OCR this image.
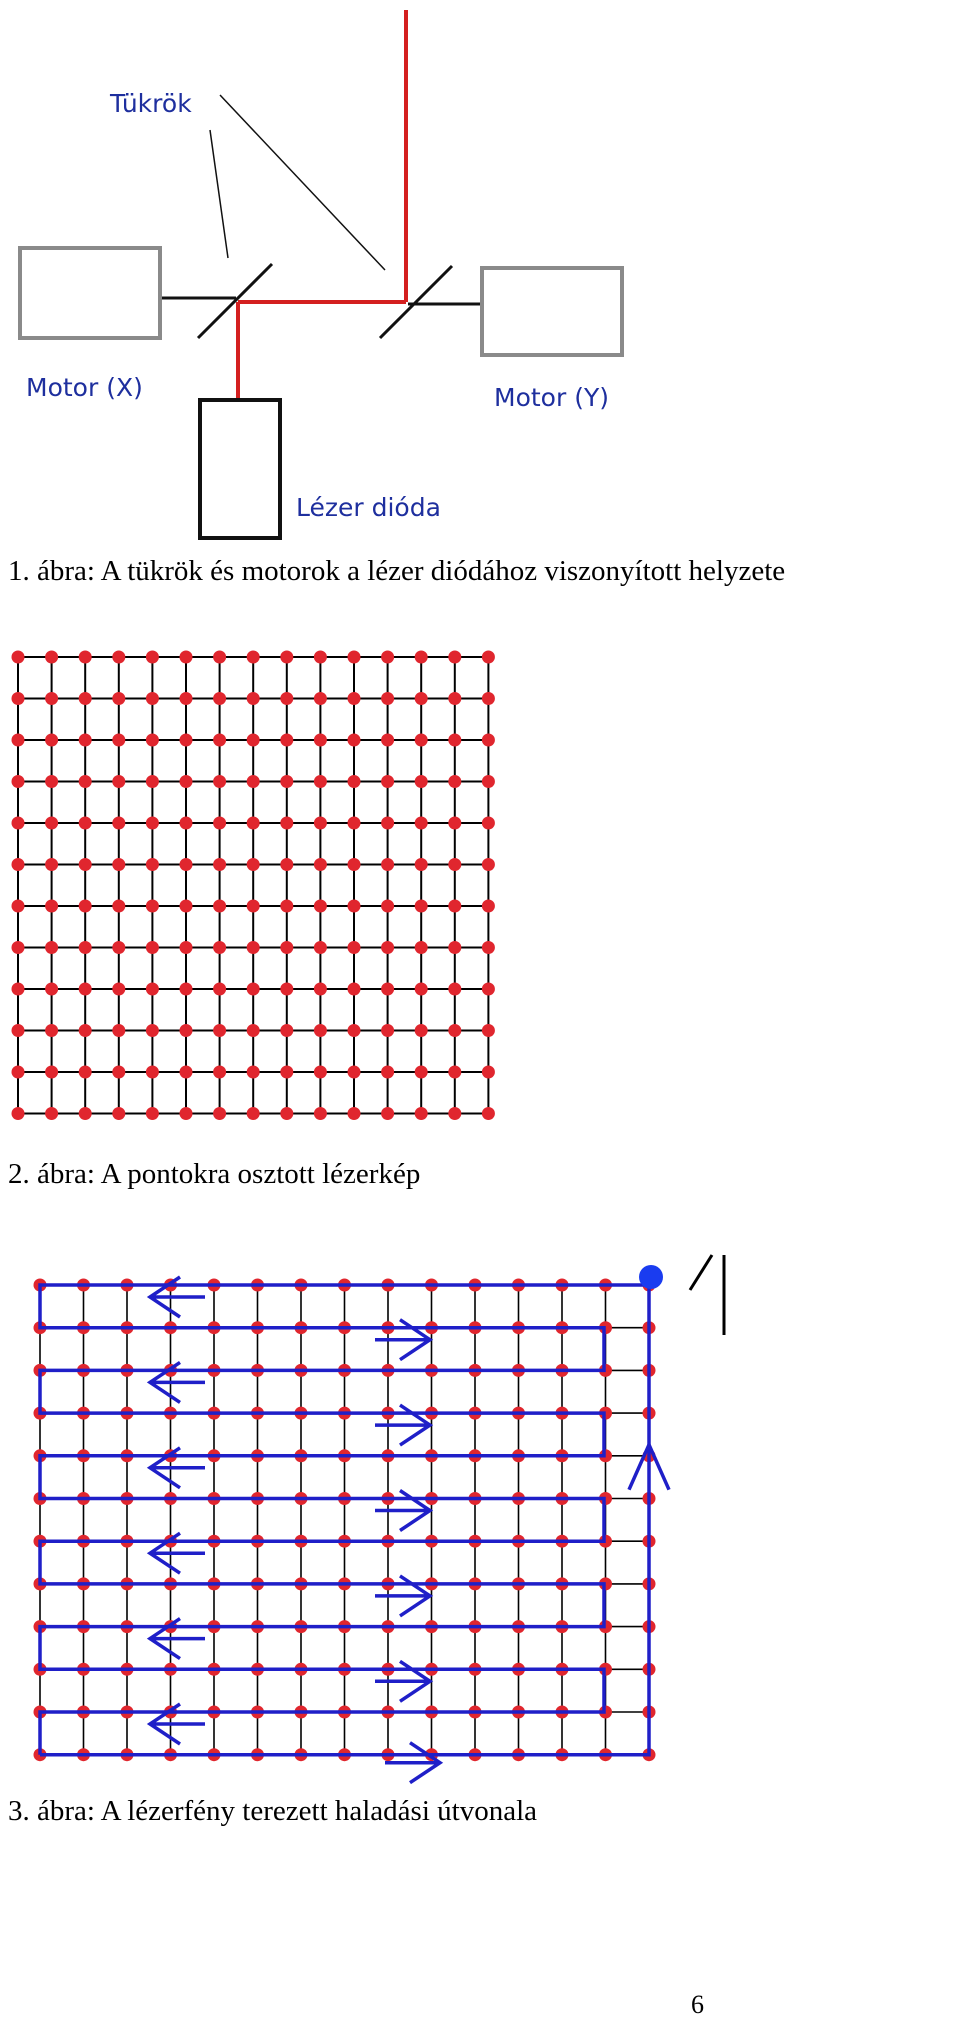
Tükrök
Motor (X)	Motor (Y)
Lézer dióda
1. ábra: A tükrök és motorok a lézer diódához viszonyított helyzete
2. ábra: A pontokra osztott lézerkép
3. ábra: A lézerfény terezett haladási útvonala
6
